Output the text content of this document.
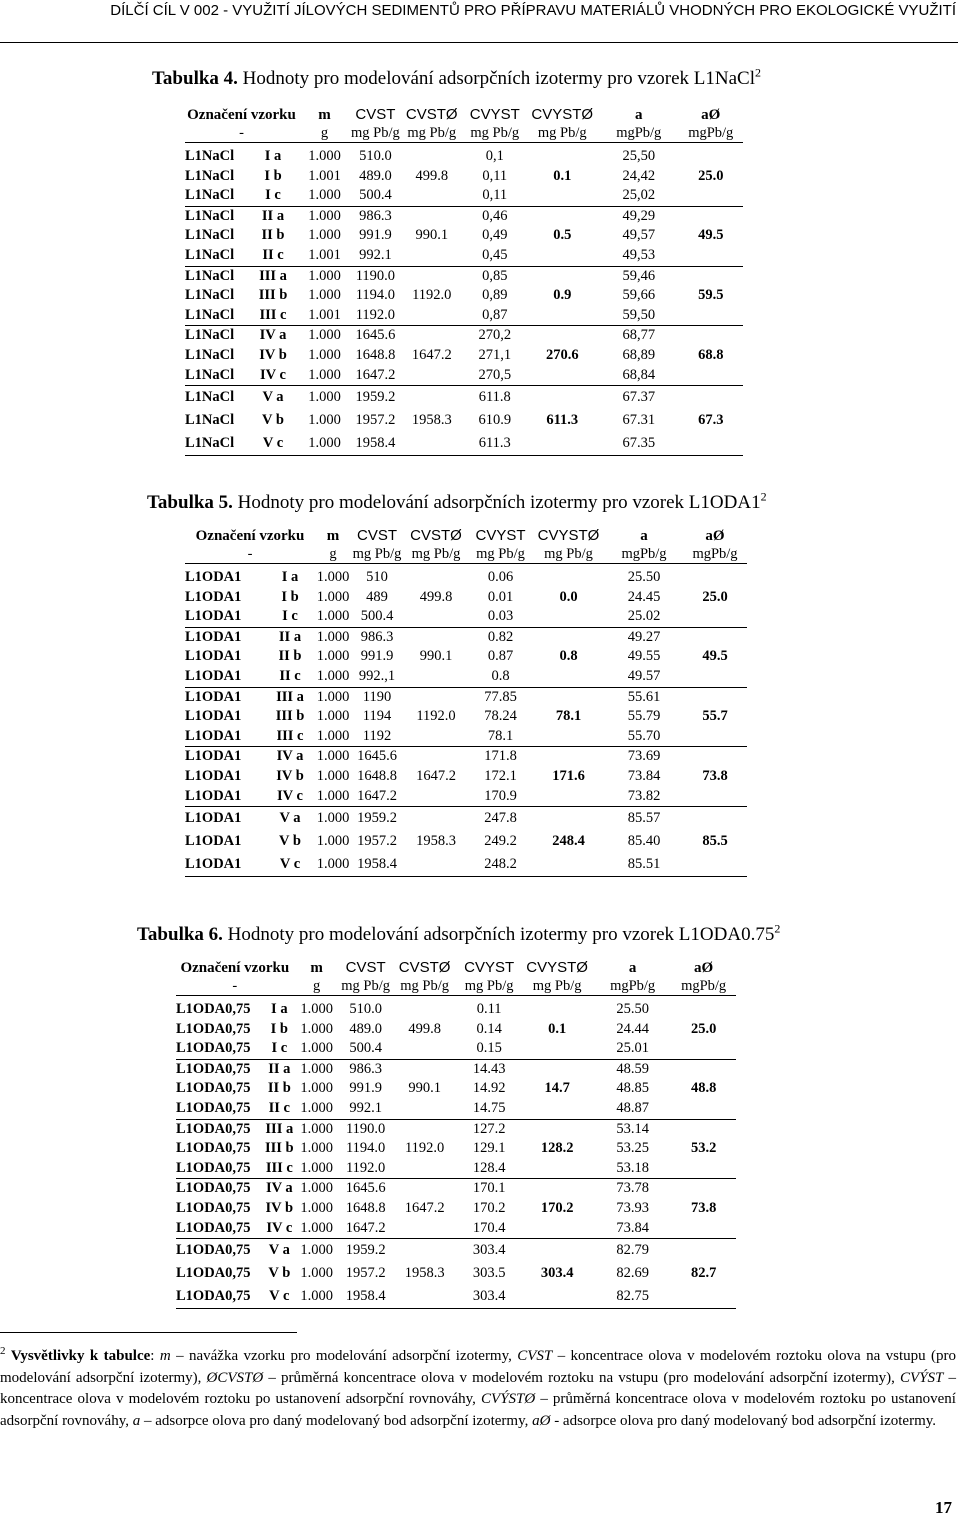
DÍLČÍ CÍL V 002 - VYUŽITÍ JÍLOVÝCH SEDIMENTŮ PRO PŘÍPRAVU MATERIÁLŮ VHODNÝCH PRO EKOLOGICKÉ VYUŽITÍ
Tabulka 4. Hodnoty pro modelování adsorpčních izotermy pro vzorek L1NaCl$^2$
Označení vzorku		m	CVST	CVSTØ	CVYST	CVYSTØ	a	aØ
-		g	mg Pb/g	mg Pb/g	mg Pb/g	mg Pb/g	mgPb/g	mgPb/g

L1NaCl	I a	1.000	510.0		0,1		25,50	
L1NaCl	I b	1.001	489.0	499.8	0,11	0.1	24,42	25.0
L1NaCl	I c	1.000	500.4		0,11		25,02	
L1NaCl	II a	1.000	986.3		0,46		49,29	
L1NaCl	II b	1.000	991.9	990.1	0,49	0.5	49,57	49.5
L1NaCl	II c	1.001	992.1		0,45		49,53	
L1NaCl	III a	1.000	1190.0		0,85		59,46	
L1NaCl	III b	1.000	1194.0	1192.0	0,89	0.9	59,66	59.5
L1NaCl	III c	1.001	1192.0		0,87		59,50	
L1NaCl	IV a	1.000	1645.6		270,2		68,77	
L1NaCl	IV b	1.000	1648.8	1647.2	271,1	270.6	68,89	68.8
L1NaCl	IV c	1.000	1647.2		270,5		68,84	
L1NaCl	V a	1.000	1959.2		611.8		67.37	
L1NaCl	V b	1.000	1957.2	1958.3	610.9	611.3	67.31	67.3
L1NaCl	V c	1.000	1958.4		611.3		67.35	
Tabulka 5. Hodnoty pro modelování adsorpčních izotermy pro vzorek $L1ODA1^2$
Označení vzorku		m	CVST	CVSTØ	CVYST	CVYSTØ	a	aØ
-		g	mg Pb/g	mg Pb/g	mg Pb/g	mg Pb/g	mgPb/g	mgPb/g

L1ODA1	I a	1.000	510		0.06		25.50	
L1ODA1	I b	1.000	489	499.8	0.01	0.0	24.45	25.0
L1ODA1	I c	1.000	500.4		0.03		25.02	
L1ODA1	II a	1.000	986.3		0.82		49.27	
L1ODA1	II b	1.000	991.9	990.1	0.87	0.8	49.55	49.5
L1ODA1	II c	1.000	992.,1		0.8		49.57	
L1ODA1	III a	1.000	1190		77.85		55.61	
L1ODA1	III b	1.000	1194	1192.0	78.24	78.1	55.79	55.7
L1ODA1	III c	1.000	1192		78.1		55.70	
L1ODA1	IV a	1.000	1645.6		171.8		73.69	
L1ODA1	IV b	1.000	1648.8	1647.2	172.1	171.6	73.84	73.8
L1ODA1	IV c	1.000	1647.2		170.9		73.82	
L1ODA1	V a	1.000	1959.2		247.8		85.57	
L1ODA1	V b	1.000	1957.2	1958.3	249.2	248.4	85.40	85.5
L1ODA1	V c	1.000	1958.4		248.2		85.51	
Tabulka 6. Hodnoty pro modelování adsorpčních izotermy pro vzorek L1ODA0.75$^2$
Označení vzorku		m	CVST	CVSTØ	CVYST	CVYSTØ	a	aØ
-		g	mg Pb/g	mg Pb/g	mg Pb/g	mg Pb/g	mgPb/g	mgPb/g

L1ODA0,75	I a	1.000	510.0		0.11		25.50	
L1ODA0,75	I b	1.000	489.0	499.8	0.14	0.1	24.44	25.0
L1ODA0,75	I c	1.000	500.4		0.15		25.01	
L1ODA0,75	II a	1.000	986.3		14.43		48.59	
L1ODA0,75	II b	1.000	991.9	990.1	14.92	14.7	48.85	48.8
L1ODA0,75	II c	1.000	992.1		14.75		48.87	
L1ODA0,75	III a	1.000	1190.0		127.2		53.14	
L1ODA0,75	III b	1.000	1194.0	1192.0	129.1	128.2	53.25	53.2
L1ODA0,75	III c	1.000	1192.0		128.4		53.18	
L1ODA0,75	IV a	1.000	1645.6		170.1		73.78	
L1ODA0,75	IV b	1.000	1648.8	1647.2	170.2	170.2	73.93	73.8
L1ODA0,75	IV c	1.000	1647.2		170.4		73.84	
L1ODA0,75	V a	1.000	1959.2		303.4		82.79	
L1ODA0,75	V b	1.000	1957.2	1958.3	303.5	303.4	82.69	82.7
L1ODA0,75	V c	1.000	1958.4		303.4		82.75	
$^2$ Vysvětlivky k tabulce: m – navážka vzorku pro modelování adsorpční izotermy, CVST – koncentrace olova v modelovém roztoku olova na vstupu (pro modelování adsorpční izotermy), ØCVSTØ – průměrná koncentrace olova v modelovém roztoku na vstupu (pro modelování adsorpční izotermy), CVÝST – koncentrace olova v modelovém roztoku po ustanovení adsorpční rovnováhy, CVÝSTØ – průměrná koncentrace olova v modelovém roztoku po ustanovení adsorpční rovnováhy, a – adsorpce olova pro daný modelovaný bod adsorpční izotermy, aØ - adsorpce olova pro daný modelovaný bod adsorpční izotermy.
17
